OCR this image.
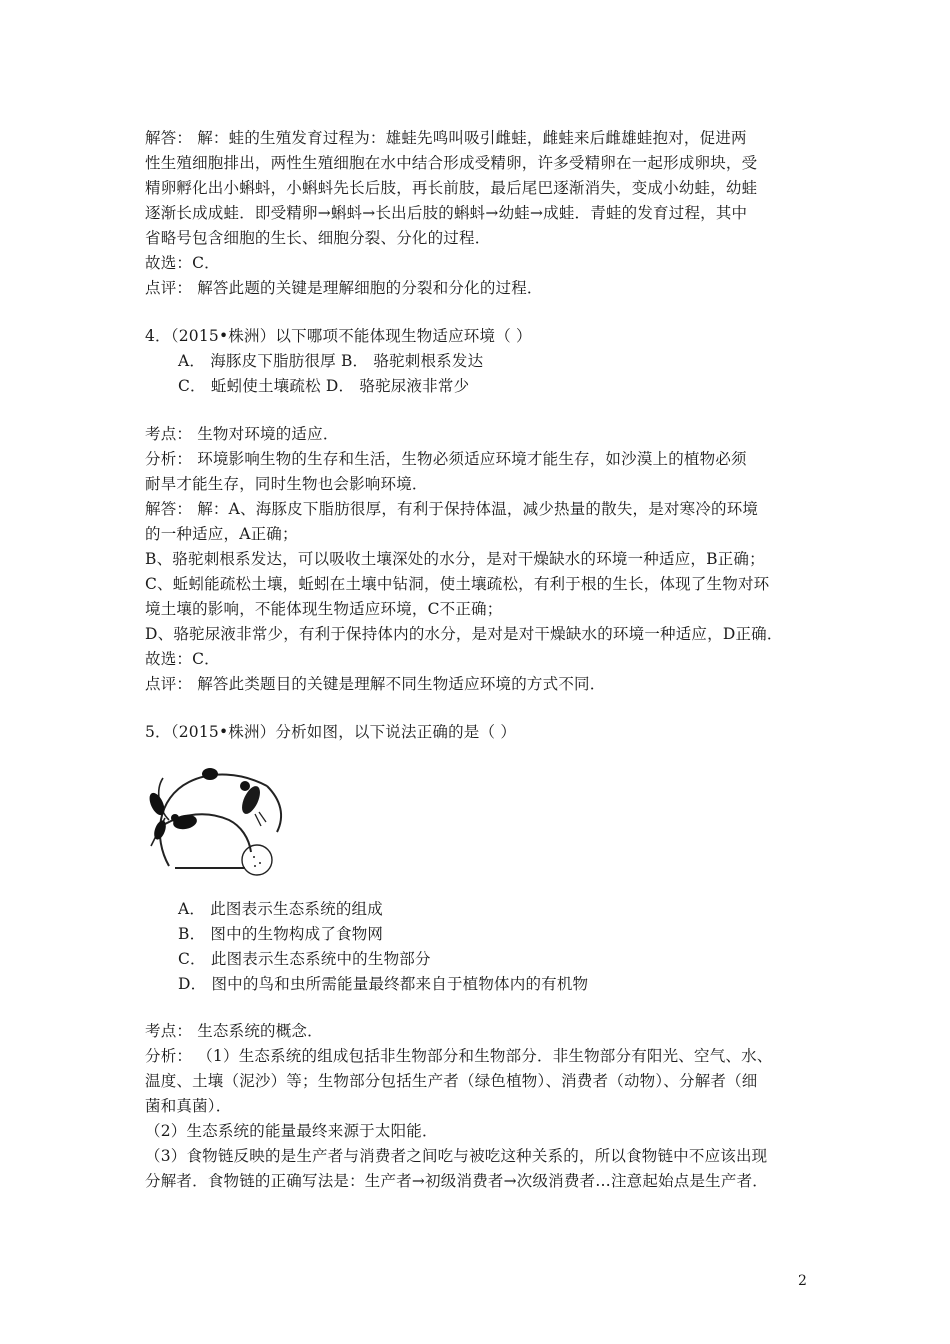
解答： 解：蛙的生殖发育过程为：雄蛙先鸣叫吸引雌蛙，雌蛙来后雌雄蛙抱对，促进两
性生殖细胞排出，两性生殖细胞在水中结合形成受精卵，许多受精卵在一起形成卵块，受
精卵孵化出小蝌蚪，小蝌蚪先长后肢，再长前肢，最后尾巴逐渐消失，变成小幼蛙，幼蛙
逐渐长成成蛙．即受精卵→蝌蚪→长出后肢的蝌蚪→幼蛙→成蛙．青蛙的发育过程，其中
省略号包含细胞的生长、细胞分裂、分化的过程．
故选：C．
点评： 解答此题的关键是理解细胞的分裂和分化的过程．
4．（2015•株洲）以下哪项不能体现生物适应环境（ ）
A． 海豚皮下脂肪很厚 B． 骆驼刺根系发达
C． 蚯蚓使土壤疏松 D． 骆驼尿液非常少
考点： 生物对环境的适应．
分析： 环境影响生物的生存和生活，生物必须适应环境才能生存，如沙漠上的植物必须
耐旱才能生存，同时生物也会影响环境．
解答： 解：A、海豚皮下脂肪很厚，有利于保持体温，减少热量的散失，是对寒冷的环境
的一种适应，A正确；
B、骆驼刺根系发达，可以吸收土壤深处的水分，是对干燥缺水的环境一种适应，B正确；
C、蚯蚓能疏松土壤，蚯蚓在土壤中钻洞，使土壤疏松，有利于根的生长，体现了生物对环
境土壤的影响，不能体现生物适应环境，C不正确；
D、骆驼尿液非常少，有利于保持体内的水分，是对是对干燥缺水的环境一种适应，D正确．
故选：C．
点评： 解答此类题目的关键是理解不同生物适应环境的方式不同．
5．（2015•株洲）分析如图，以下说法正确的是（ ）
A． 此图表示生态系统的组成
B． 图中的生物构成了食物网
C． 此图表示生态系统中的生物部分
D． 图中的鸟和虫所需能量最终都来自于植物体内的有机物
考点： 生态系统的概念．
分析： （1）生态系统的组成包括非生物部分和生物部分．非生物部分有阳光、空气、水、
温度、土壤（泥沙）等；生物部分包括生产者（绿色植物）、消费者（动物）、分解者（细
菌和真菌）．
（2）生态系统的能量最终来源于太阳能．
（3）食物链反映的是生产者与消费者之间吃与被吃这种关系的，所以食物链中不应该出现
分解者．食物链的正确写法是：生产者→初级消费者→次级消费者…注意起始点是生产者．
2
